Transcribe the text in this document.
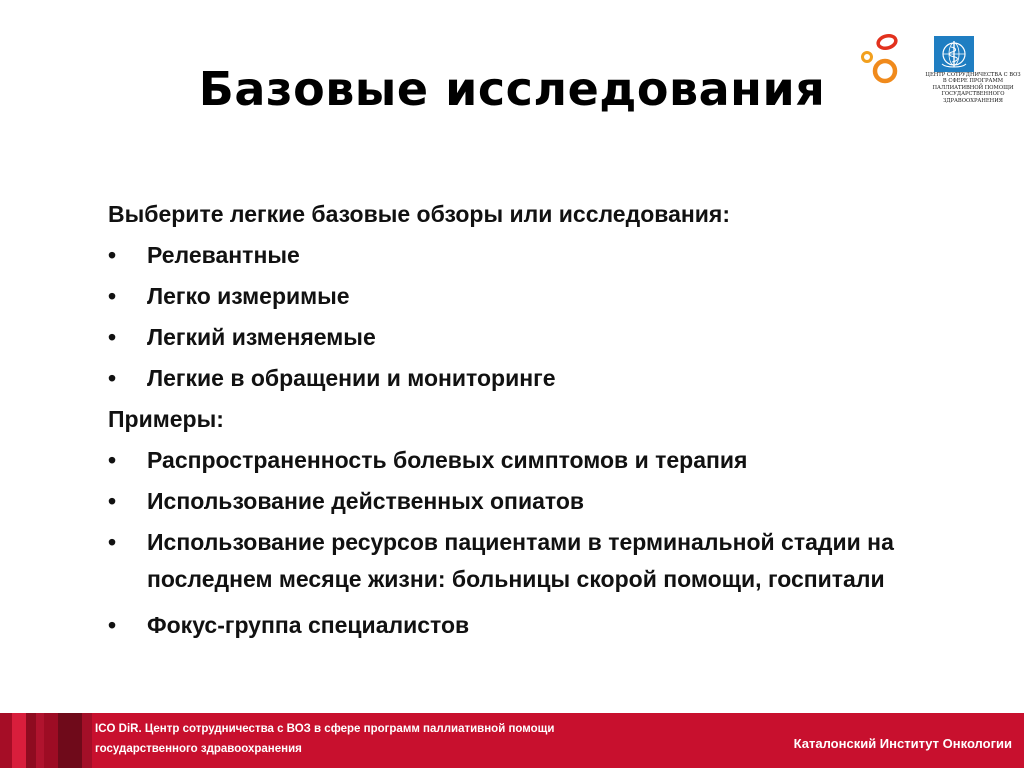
ЦЕНТР СОТРУДНИЧЕСТВА С ВОЗ В СФЕРЕ ПРОГРАММ ПАЛЛИАТИВНОЙ ПОМОЩИ ГОСУДАРСТВЕННОГО ЗДРАВООХРАНЕНИЯ
Базовые исследования
Выберите легкие базовые обзоры или исследования:
•	Релевантные
•	Легко измеримые
•	Легкий изменяемые
•	Легкие в обращении и мониторинге
Примеры:
•	Распространенность болевых симптомов и терапия
•	Использование действенных опиатов
•	Использование ресурсов пациентами в терминальной стадии на последнем месяце жизни: больницы скорой помощи, госпитали
•	Фокус-группа специалистов
ICO DiR. Центр сотрудничества с ВОЗ в сфере программ паллиативной помощи
государственного здравоохранения	Каталонский Институт Онкологии
